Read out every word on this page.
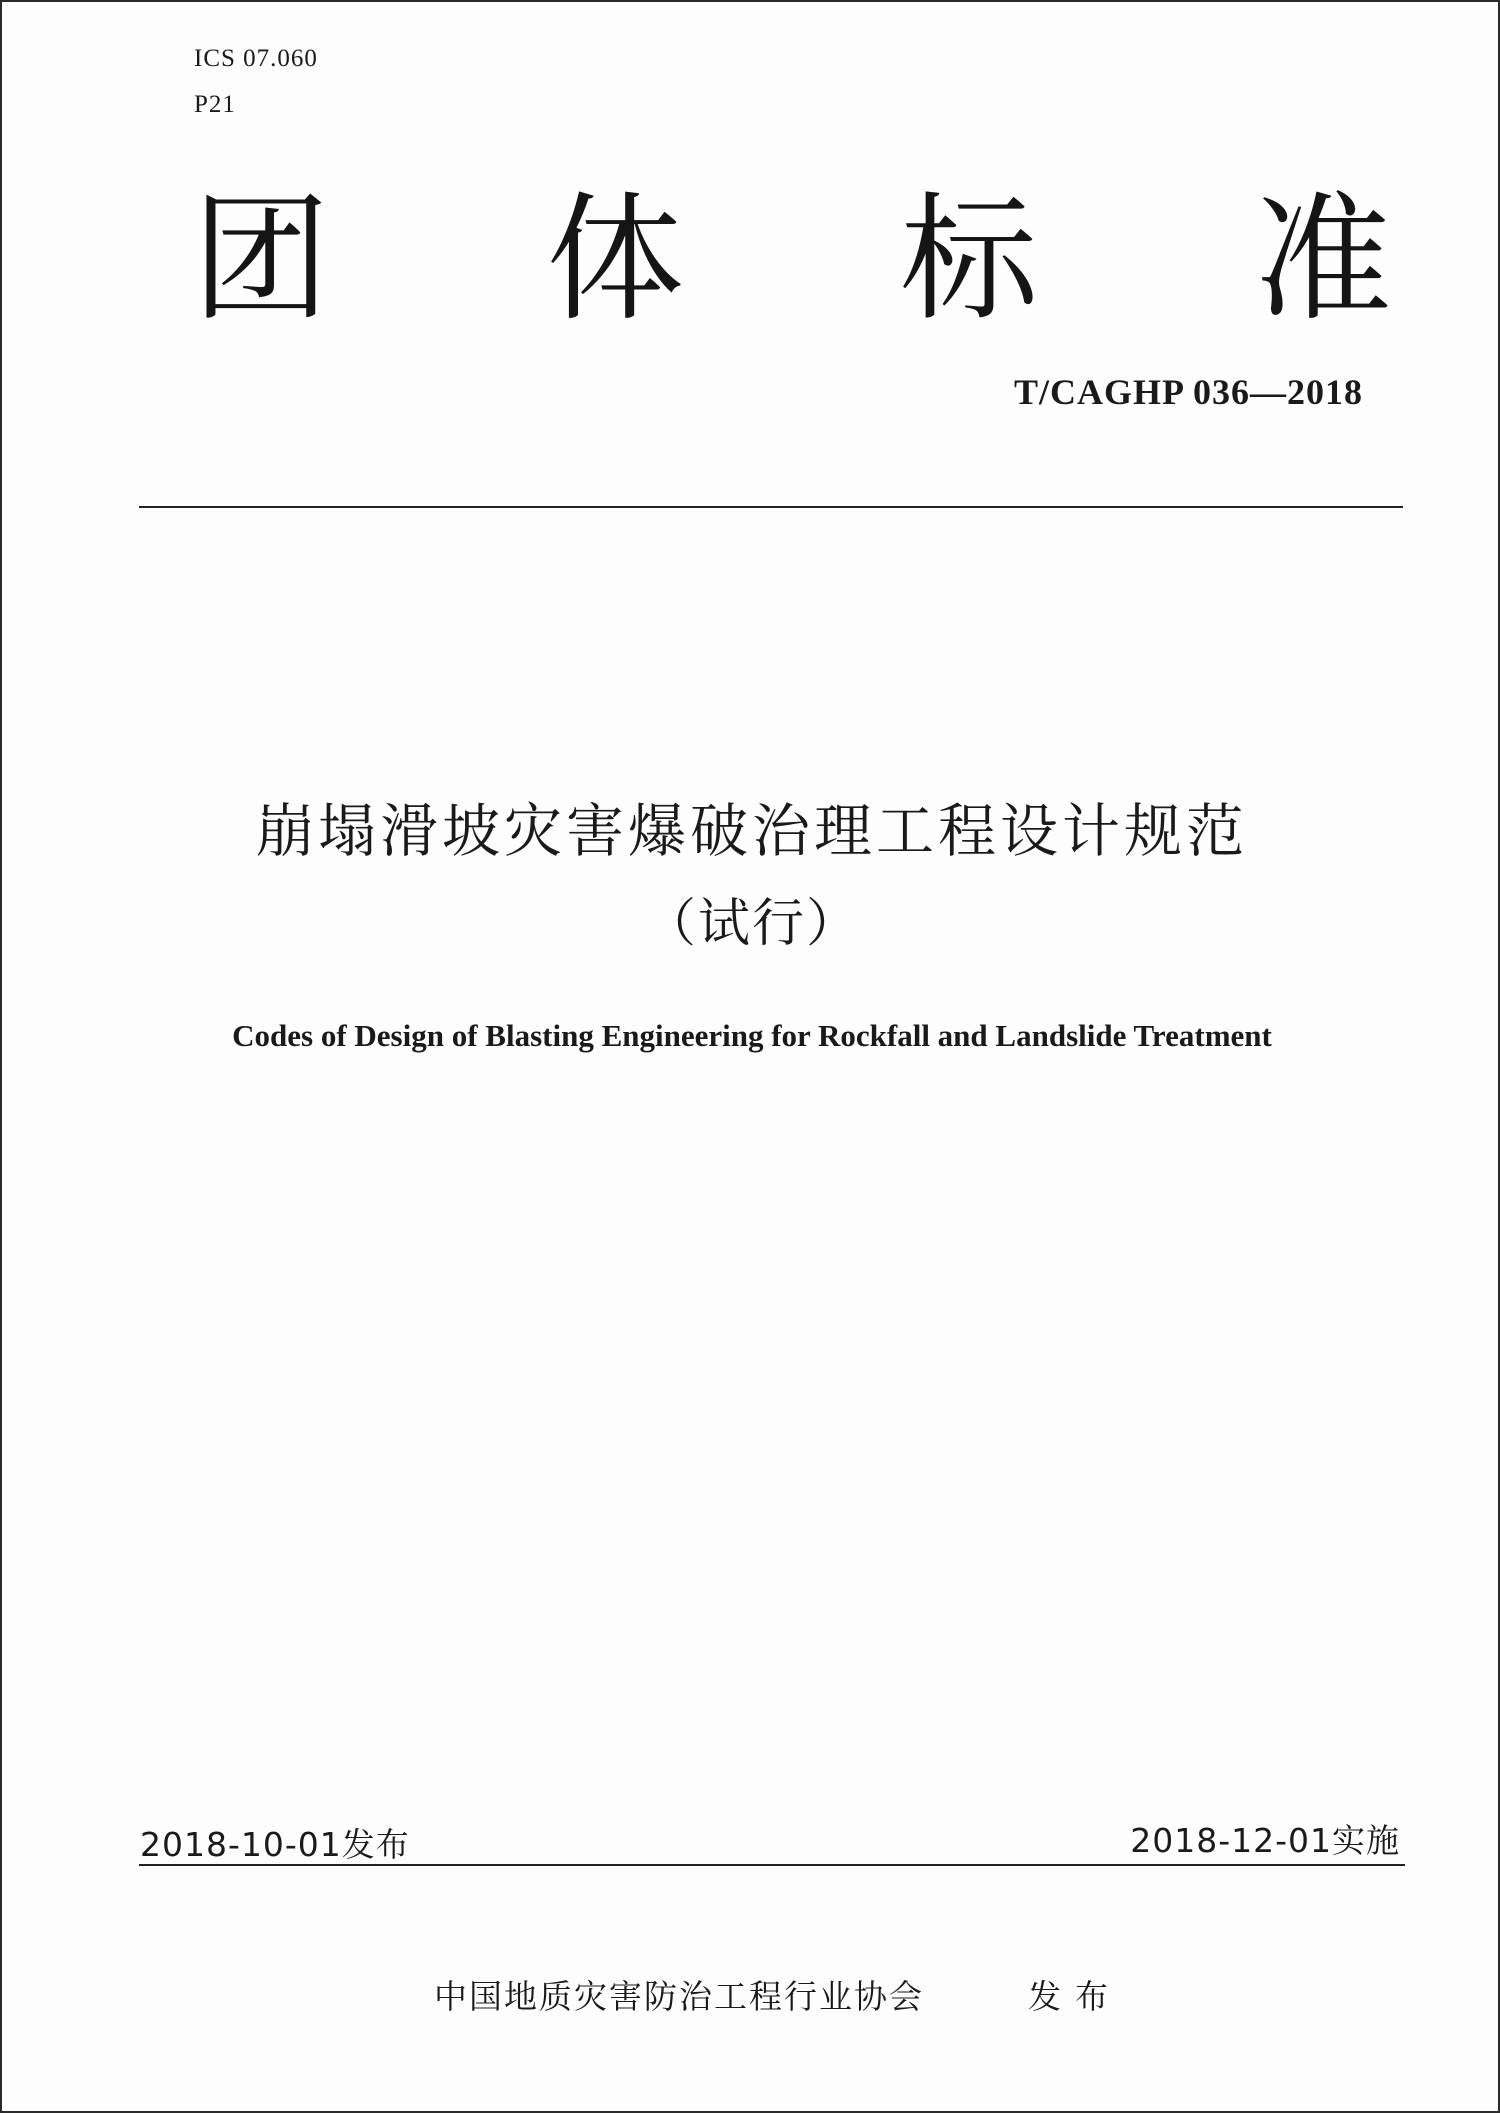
ICS 07.060
P21
团 体 标 准
T/CAGHP 036—2018
崩塌滑坡灾害爆破治理工程设计规范
（试行）
Codes of Design of Blasting Engineering for Rockfall and Landslide Treatment
2018-10-01发布	2018-12-01实施
中国地质灾害防治工程行业协会	发布
